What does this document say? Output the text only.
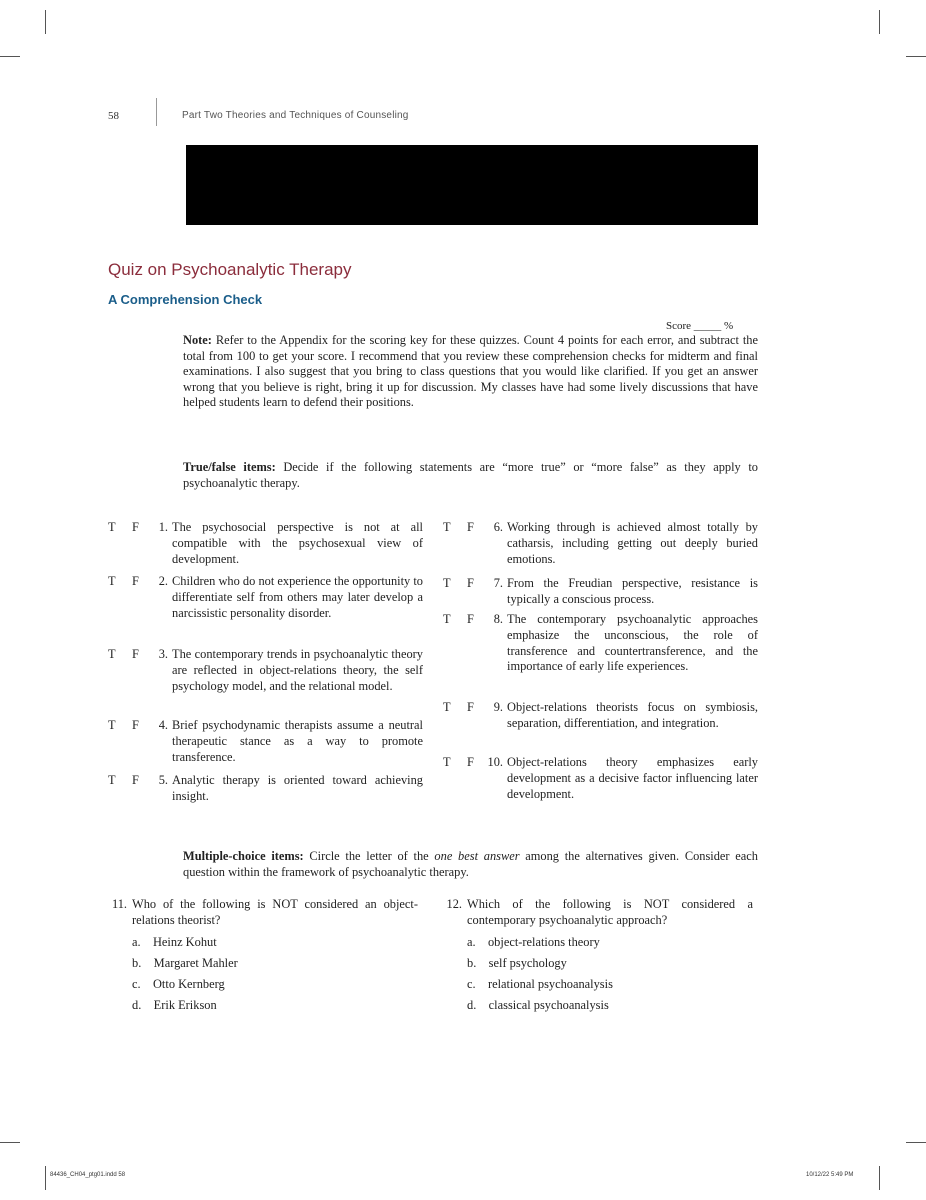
58	Part Two Theories and Techniques of Counseling
Quiz on Psychoanalytic Therapy
A Comprehension Check
Score _____ %
Note: Refer to the Appendix for the scoring key for these quizzes. Count 4 points for each error, and subtract the total from 100 to get your score. I recommend that you review these comprehension checks for midterm and final examinations. I also suggest that you bring to class questions that you would like clarified. If you get an answer wrong that you believe is right, bring it up for discussion. My classes have had some lively discussions that have helped students learn to defend their positions.
True/false items: Decide if the following statements are “more true” or “more false” as they apply to psychoanalytic therapy.
T F	1. The psychosocial perspective is not at all compatible with the psychosexual view of development.
T F	2. Children who do not experience the opportunity to differentiate self from others may later develop a narcissistic personality disorder.
T F	3. The contemporary trends in psychoanalytic theory are reflected in object-relations theory, the self psychology model, and the relational model.
T F	4. Brief psychodynamic therapists assume a neutral therapeutic stance as a way to promote transference.
T F	5. Analytic therapy is oriented toward achieving insight.
T F	6. Working through is achieved almost totally by catharsis, including getting out deeply buried emotions.
T F	7. From the Freudian perspective, resistance is typically a conscious process.
T F	8. The contemporary psychoanalytic approaches emphasize the unconscious, the role of transference and countertransference, and the importance of early life experiences.
T F	9. Object-relations theorists focus on symbiosis, separation, differentiation, and integration.
T F 10. Object-relations theory emphasizes early development as a decisive factor influencing later development.
Multiple-choice items: Circle the letter of the one best answer among the alternatives given. Consider each question within the framework of psychoanalytic therapy.
11. Who of the following is NOT considered an object-relations theorist?
a. Heinz Kohut
b. Margaret Mahler
c. Otto Kernberg
d. Erik Erikson
12. Which of the following is NOT considered a contemporary psychoanalytic approach?
a. object-relations theory
b. self psychology
c. relational psychoanalysis
d. classical psychoanalysis
84436_CH04_ptg01.indd 58	10/12/22 5:49 PM
